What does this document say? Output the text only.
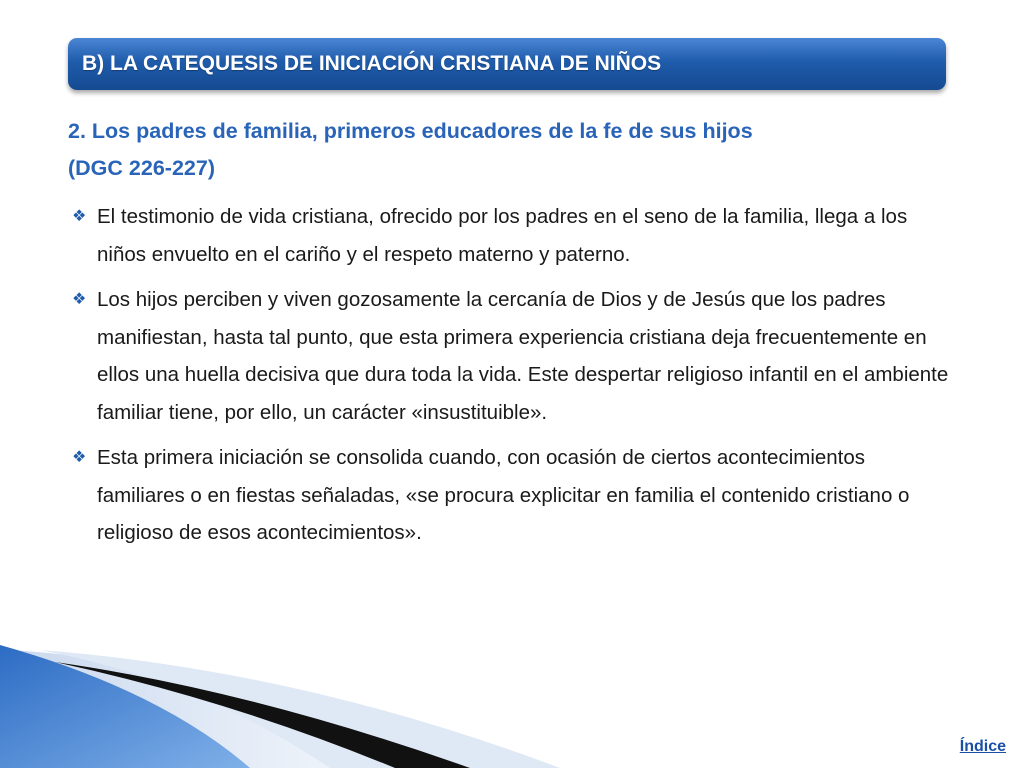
B) LA CATEQUESIS DE INICIACIÓN CRISTIANA DE NIÑOS
2. Los padres de familia, primeros educadores de la fe de sus hijos
(DGC 226-227)
❖ El testimonio de vida cristiana, ofrecido por los padres en el seno de la familia, llega a los niños envuelto en el cariño y el respeto materno y paterno.
❖ Los hijos perciben y viven gozosamente la cercanía de Dios y de Jesús que los padres manifiestan, hasta tal punto, que esta primera experiencia cristiana deja frecuentemente en ellos una huella decisiva que dura toda la vida. Este despertar religioso infantil en el ambiente familiar tiene, por ello, un carácter «insustituible».
❖ Esta primera iniciación se consolida cuando, con ocasión de ciertos acontecimientos familiares o en fiestas señaladas, «se procura explicitar en familia el contenido cristiano o religioso de esos acontecimientos».
Índice
